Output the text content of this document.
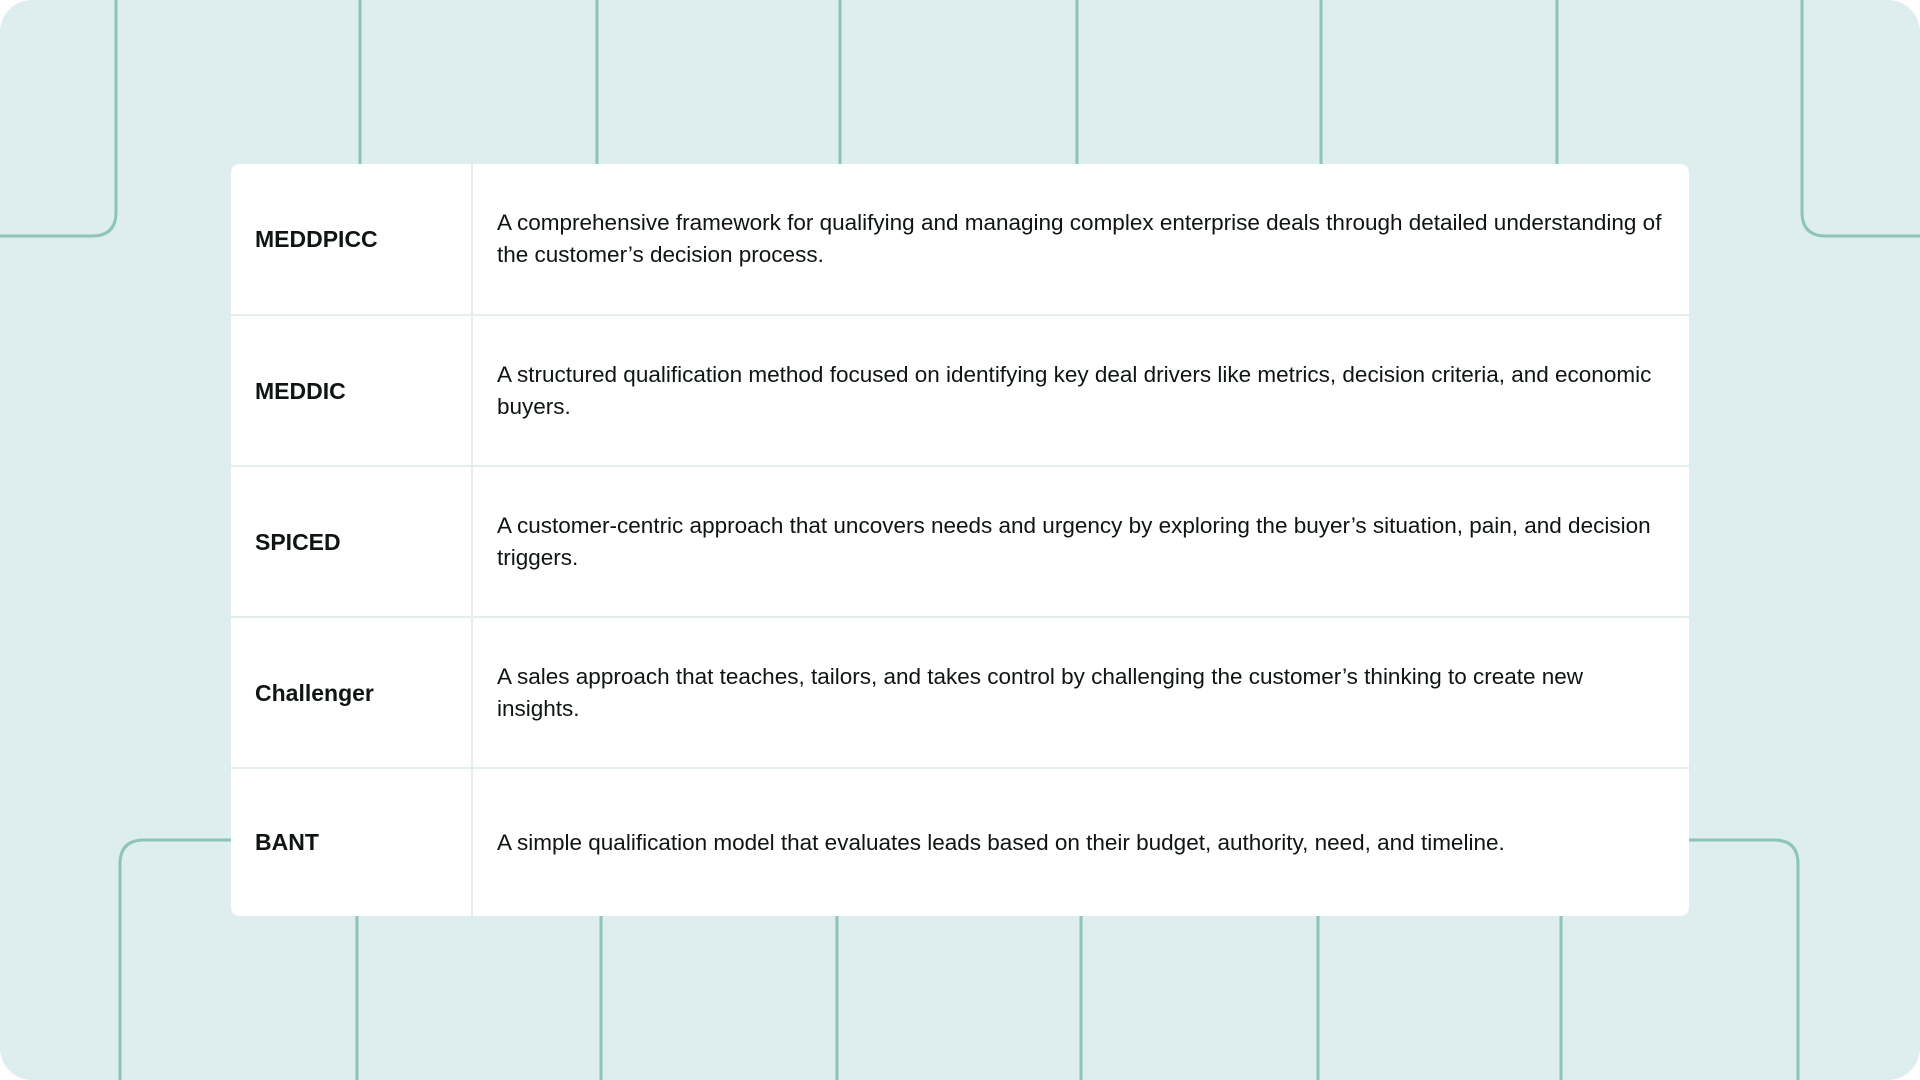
MEDDPICC
A comprehensive framework for qualifying and managing complex enterprise deals through detailed understanding of the customer’s decision process.
MEDDIC
A structured qualification method focused on identifying key deal drivers like metrics, decision criteria, and economic buyers.
SPICED
A customer-centric approach that uncovers needs and urgency by exploring the buyer’s situation, pain, and decision triggers.
Challenger
A sales approach that teaches, tailors, and takes control by challenging the customer’s thinking to create new insights.
BANT	A simple qualification model that evaluates leads based on their budget, authority, need, and timeline.
